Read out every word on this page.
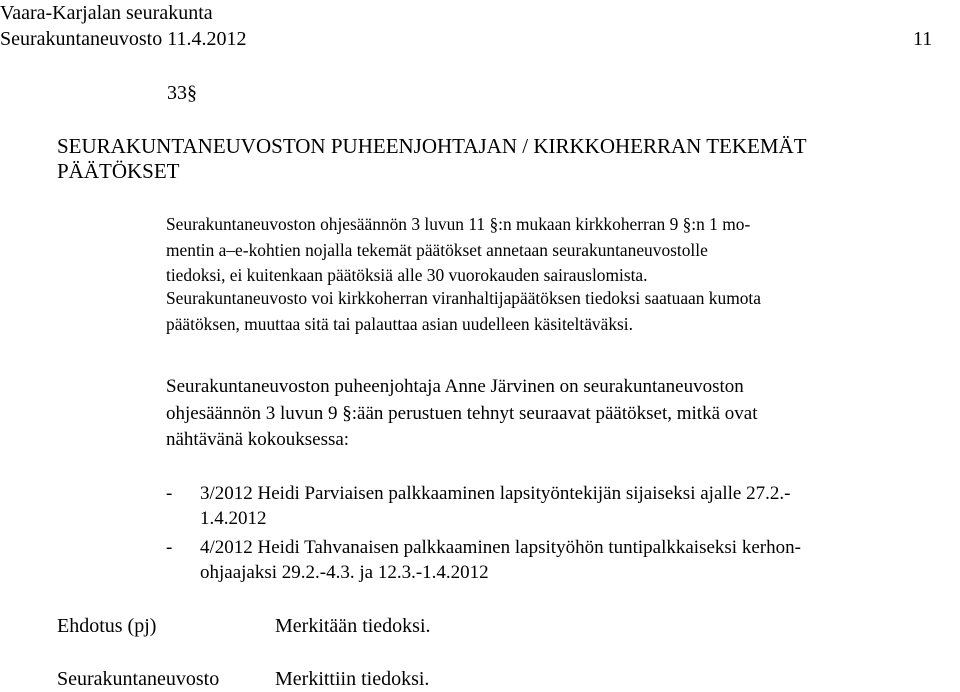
Vaara-Karjalan seurakunta
Seurakuntaneuvosto 11.4.2012	11
33§
SEURAKUNTANEUVOSTON PUHEENJOHTAJAN / KIRKKOHERRAN TEKEMÄT
PÄÄTÖKSET
Seurakuntaneuvoston ohjesäännön 3 luvun 11 §:n mukaan kirkkoherran 9 §:n 1 mo-
mentin a–e-kohtien nojalla tekemät päätökset annetaan seurakuntaneuvostolle
tiedoksi, ei kuitenkaan päätöksiä alle 30 vuorokauden sairauslomista.
Seurakuntaneuvosto voi kirkkoherran viranhaltijapäätöksen tiedoksi saatuaan kumota
päätöksen, muuttaa sitä tai palauttaa asian uudelleen käsiteltäväksi.
Seurakuntaneuvoston puheenjohtaja Anne Järvinen on seurakuntaneuvoston
ohjesäännön 3 luvun 9 §:ään perustuen tehnyt seuraavat päätökset, mitkä ovat
nähtävänä kokouksessa:
- 3/2012 Heidi Parviaisen palkkaaminen lapsityöntekijän sijaiseksi ajalle 27.2.-
1.4.2012
- 4/2012 Heidi Tahvanaisen palkkaaminen lapsityöhön tuntipalkkaiseksi kerhon-
ohjaajaksi 29.2.-4.3. ja 12.3.-1.4.2012
Ehdotus (pj)	Merkitään tiedoksi.
Seurakuntaneuvosto	Merkittiin tiedoksi.
